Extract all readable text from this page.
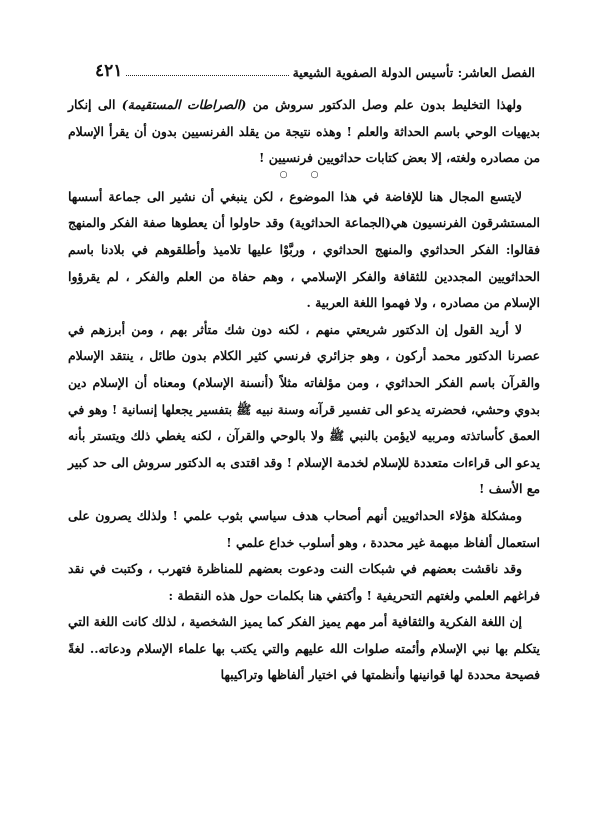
الفصل العاشر: تأسيس الدولة الصفوية الشيعية
٤٢١

ولهذا التخليط بدون علم وصل الدكتور سروش من (الصراطات المستقيمة) الى إنكار بديهيات الوحي باسم الحداثة والعلم ! وهذه نتيجة من يقلد الفرنسيين بدون أن يقرأ الإسلام من مصادره ولغته، إلا بعض كتابات حداثويين فرنسيين !

○ ○

لايتسع المجال هنا للإفاضة في هذا الموضوع ، لكن ينبغي أن نشير الى جماعة أسسها المستشرقون الفرنسيون هي(الجماعة الحداثوية) وقد حاولوا أن يعطوها صفة الفكر والمنهج فقالوا: الفكر الحداثوي والمنهج الحداثوي ، وربَّوْا عليها تلاميذ وأطلقوهم في بلادنا باسم الحداثويين المجددين للثقافة والفكر الإسلامي ، وهم حفاة من العلم والفكر ، لم يقرؤوا الإسلام من مصادره ، ولا فهموا اللغة العربية .

لا أريد القول إن الدكتور شريعتي منهم ، لكنه دون شك متأثر بهم ، ومن أبرزهم في عصرنا الدكتور محمد أركون ، وهو جزائري فرنسي كثير الكلام بدون طائل ، ينتقد الإسلام والقرآن باسم الفكر الحداثوي ، ومن مؤلفاته مثلاً (أنسنة الإسلام) ومعناه أن الإسلام دين بدوي وحشي، فحضرته يدعو الى تفسير قرآنه وسنة نبيه ﷺ بتفسير يجعلها إنسانية ! وهو في العمق كأساتذته ومربيه لايؤمن بالنبي ﷺ ولا بالوحي والقرآن ، لكنه يغطي ذلك ويتستر بأنه يدعو الى قراءات متعددة للإسلام لخدمة الإسلام ! وقد اقتدى به الدكتور سروش الى حد كبير مع الأسف !

ومشكلة هؤلاء الحداثويين أنهم أصحاب هدف سياسي بثوب علمي ! ولذلك يصرون على استعمال ألفاظ مبهمة غير محددة ، وهو أسلوب خداع علمي !

وقد ناقشت بعضهم في شبكات النت ودعوت بعضهم للمناظرة فتهرب ، وكتبت في نقد فراغهم العلمي ولغتهم التحريفية ! وأكتفي هنا بكلمات حول هذه النقطة :

إن اللغة الفكرية والثقافية أمر مهم يميز الفكر كما يميز الشخصية ، لذلك كانت اللغة التي يتكلم بها نبي الإسلام وأئمته صلوات الله عليهم والتي يكتب بها علماء الإسلام ودعاته.. لغةً فصيحة محددة لها قوانينها وأنظمتها في اختيار ألفاظها وتراكيبها
